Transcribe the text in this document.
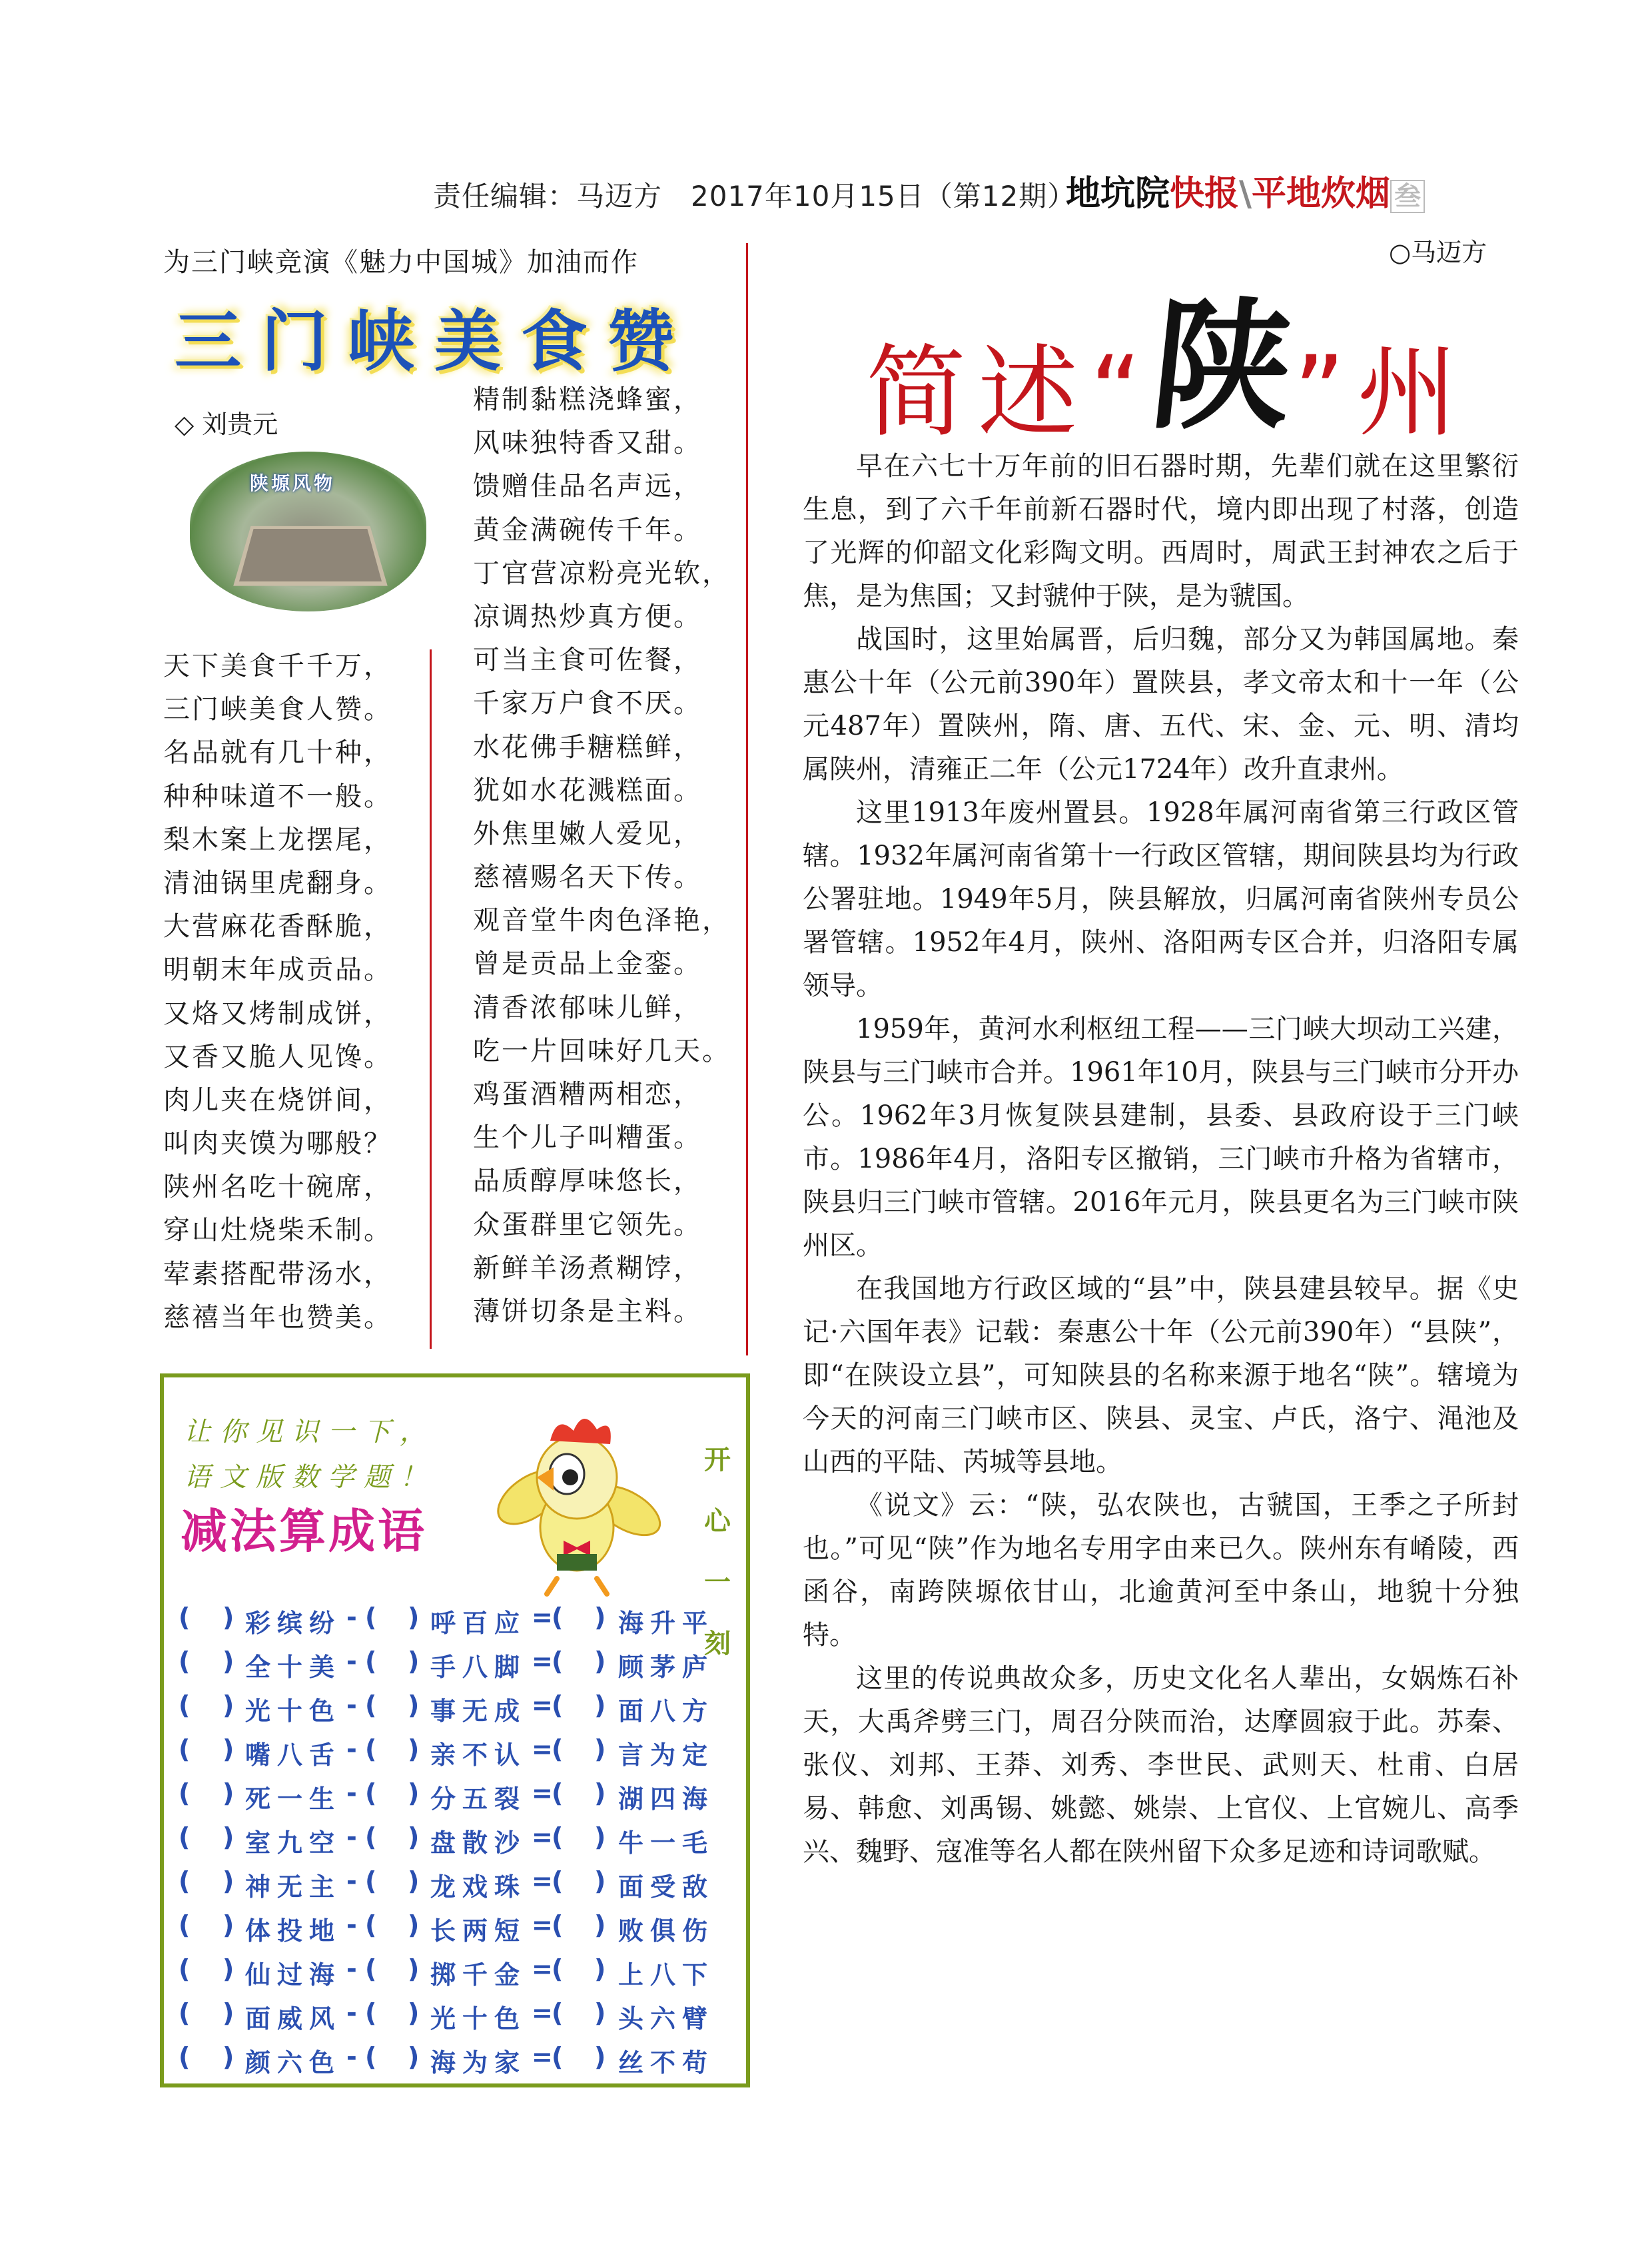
责任编辑：马迈方　2017年10月15日（第12期）
地坑院快报\平地炊烟 叁
为三门峡竞演《魅力中国城》加油而作
三门峡美食赞
◇ 刘贵元
陕塬风物
天下美食千千万，
三门峡美食人赞。
名品就有几十种，
种种味道不一般。
梨木案上龙摆尾，
清油锅里虎翻身。
大营麻花香酥脆，
明朝末年成贡品。
又烙又烤制成饼，
又香又脆人见馋。
肉儿夹在烧饼间，
叫肉夹馍为哪般？
陕州名吃十碗席，
穿山灶烧柴禾制。
荤素搭配带汤水，
慈禧当年也赞美。
精制黏糕浇蜂蜜，
风味独特香又甜。
馈赠佳品名声远，
黄金满碗传千年。
丁官营凉粉亮光软，
凉调热炒真方便。
可当主食可佐餐，
千家万户食不厌。
水花佛手糖糕鲜，
犹如水花溅糕面。
外焦里嫩人爱见，
慈禧赐名天下传。
观音堂牛肉色泽艳，
曾是贡品上金銮。
清香浓郁味儿鲜，
吃一片回味好几天。
鸡蛋酒糟两相恋，
生个儿子叫糟蛋。
品质醇厚味悠长，
众蛋群里它领先。
新鲜羊汤煮糊饽，
薄饼切条是主料。
让你见识一下，
语文版数学题！
减法算成语
开
心
一
刻
( ) 彩缤纷 - ( ) 呼百应 =
( ) 海升平
( ) 全十美 - ( ) 手八脚 =
( ) 顾茅庐
( ) 光十色 - ( ) 事无成 =
( ) 面八方
( ) 嘴八舌 - ( ) 亲不认 =
( ) 言为定
( ) 死一生 - ( ) 分五裂 =
( ) 湖四海
( ) 室九空 - ( ) 盘散沙 =
( ) 牛一毛
( ) 神无主 - ( ) 龙戏珠 =
( ) 面受敌
( ) 体投地 - ( ) 长两短 =
( ) 败俱伤
( ) 仙过海 - ( ) 掷千金 =
( ) 上八下
( ) 面威风 - ( ) 光十色 =
( ) 头六臂
( ) 颜六色 - ( ) 海为家 =
( ) 丝不苟
○马迈方
简述“陕”州

早在六七十万年前的旧石器时期，先辈们就在这里繁衍生息，到了六千年前新石器时代，境内即出现了村落，创造了光辉的仰韶文化彩陶文明。西周时，周武王封神农之后于焦，是为焦国；又封虢仲于陕，是为虢国。

战国时，这里始属晋，后归魏，部分又为韩国属地。秦惠公十年（公元前390年）置陕县，孝文帝太和十一年（公元487年）置陕州，隋、唐、五代、宋、金、元、明、清均属陕州，清雍正二年（公元1724年）改升直隶州。

这里1913年废州置县。1928年属河南省第三行政区管辖。1932年属河南省第十一行政区管辖，期间陕县均为行政公署驻地。1949年5月，陕县解放，归属河南省陕州专员公署管辖。1952年4月，陕州、洛阳两专区合并，归洛阳专属领导。

1959年，黄河水利枢纽工程——三门峡大坝动工兴建，陕县与三门峡市合并。1961年10月，陕县与三门峡市分开办公。1962年3月恢复陕县建制，县委、县政府设于三门峡市。1986年4月，洛阳专区撤销，三门峡市升格为省辖市，陕县归三门峡市管辖。2016年元月，陕县更名为三门峡市陕州区。

在我国地方行政区域的“县”中，陕县建县较早。据《史记·六国年表》记载：秦惠公十年（公元前390年）“县陕”，即“在陕设立县”，可知陕县的名称来源于地名“陕”。辖境为今天的河南三门峡市区、陕县、灵宝、卢氏，洛宁、渑池及山西的平陆、芮城等县地。

《说文》云：“陕，弘农陕也，古虢国，王季之子所封也。”可见“陕”作为地名专用字由来已久。陕州东有崤陵，西函谷，南跨陕塬依甘山，北逾黄河至中条山，地貌十分独特。

这里的传说典故众多，历史文化名人辈出，女娲炼石补天，大禹斧劈三门，周召分陕而治，达摩圆寂于此。苏秦、张仪、刘邦、王莽、刘秀、李世民、武则天、杜甫、白居易、韩愈、刘禹锡、姚懿、姚崇、上官仪、上官婉儿、高季兴、魏野、寇准等名人都在陕州留下众多足迹和诗词歌赋。
